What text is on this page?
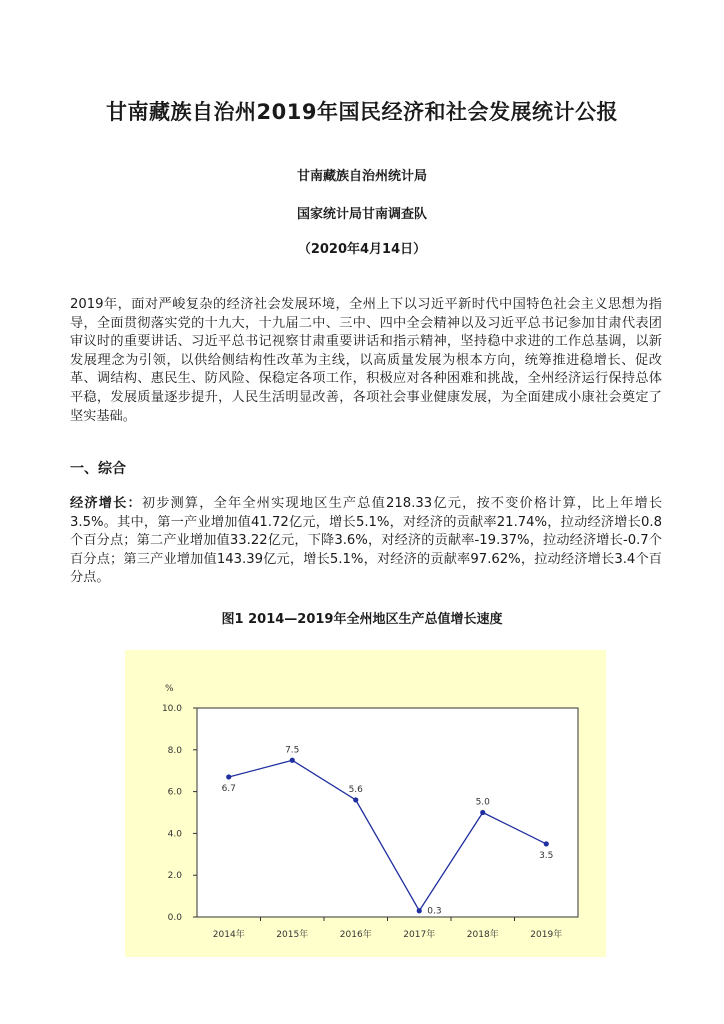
甘南藏族自治州2019年国民经济和社会发展统计公报
甘南藏族自治州统计局
国家统计局甘南调查队
（2020年4月14日）

2019年，面对严峻复杂的经济社会发展环境，全州上下以习近平新时代中国特色社会主义思想为指导，全面贯彻落实党的十九大，十九届二中、三中、四中全会精神以及习近平总书记参加甘肃代表团审议时的重要讲话、习近平总书记视察甘肃重要讲话和指示精神，坚持稳中求进的工作总基调，以新发展理念为引领，以供给侧结构性改革为主线，以高质量发展为根本方向，统筹推进稳增长、促改革、调结构、惠民生、防风险、保稳定各项工作，积极应对各种困难和挑战，全州经济运行保持总体平稳，发展质量逐步提升，人民生活明显改善，各项社会事业健康发展，为全面建成小康社会奠定了坚实基础。

一、综合

经济增长：初步测算，全年全州实现地区生产总值218.33亿元，按不变价格计算，比上年增长3.5%。其中，第一产业增加值41.72亿元，增长5.1%，对经济的贡献率21.74%，拉动经济增长0.8个百分点；第二产业增加值33.22亿元，下降3.6%，对经济的贡献率-19.37%，拉动经济增长-0.7个百分点；第三产业增加值143.39亿元，增长5.1%，对经济的贡献率97.62%，拉动经济增长3.4个百分点。

图1 2014—2019年全州地区生产总值增长速度
%
0.0
2.0
4.0
6.0
8.0
10.0
2014年	2015年	2016年	2017年	2018年	2019年
6.7
7.5
5.6
0.3
5.0
3.5
